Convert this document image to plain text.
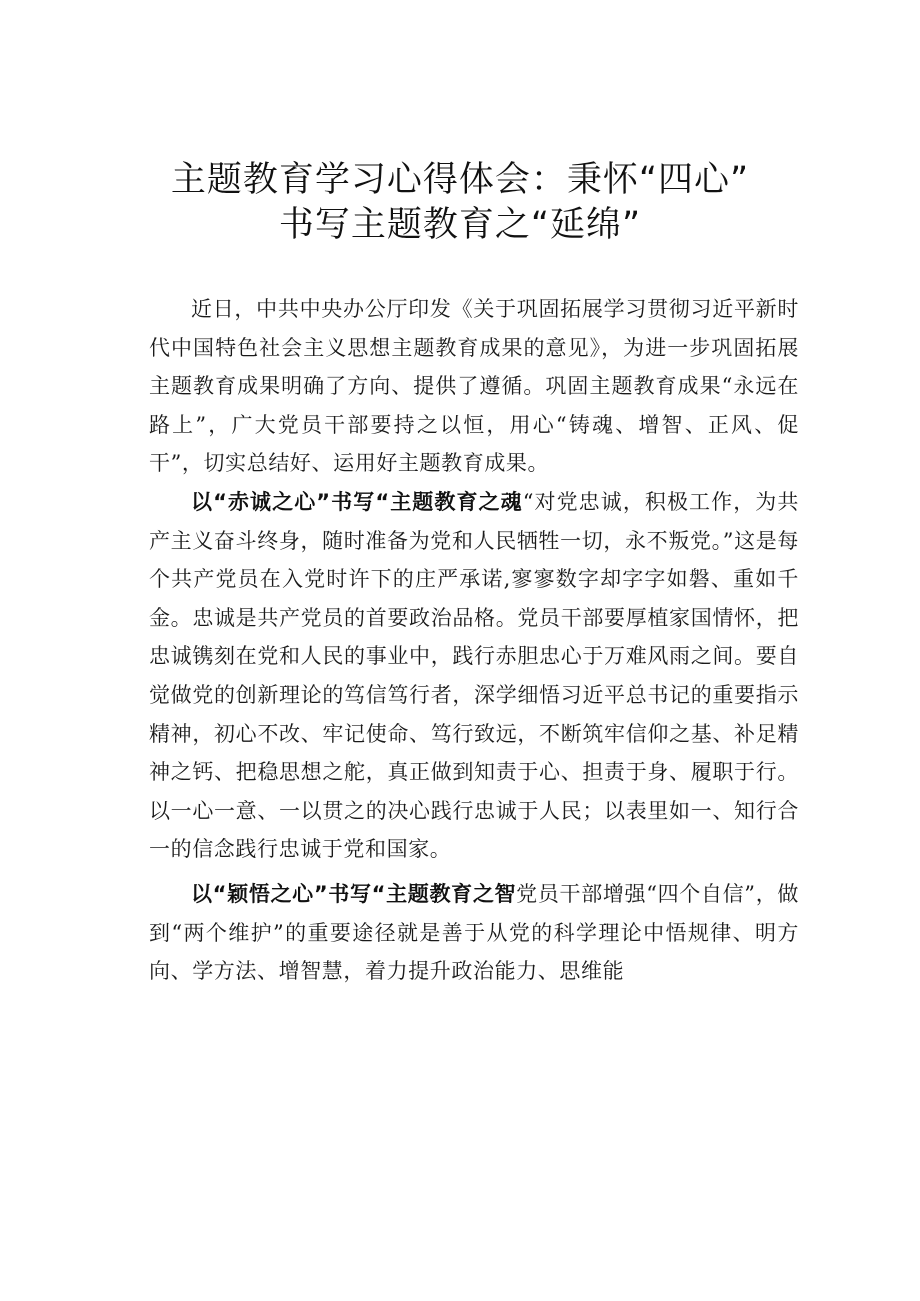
主题教育学习心得体会：秉怀“四心”
书写主题教育之“延绵”

近日，中共中央办公厅印发《关于巩固拓展学习贯彻习近平新时代中国特色社会主义思想主题教育成果的意见》，为进一步巩固拓展主题教育成果明确了方向、提供了遵循。巩固主题教育成果“永远在路上”，广大党员干部要持之以恒，用心“铸魂、增智、正风、促干”，切实总结好、运用好主题教育成果。

以“赤诚之心”书写“主题教育之魂“对党忠诚，积极工作，为共产主义奋斗终身，随时准备为党和人民牺牲一切，永不叛党。”这是每个共产党员在入党时许下的庄严承诺,寥寥数字却字字如磐、重如千金。忠诚是共产党员的首要政治品格。党员干部要厚植家国情怀，把忠诚镌刻在党和人民的事业中，践行赤胆忠心于万难风雨之间。要自觉做党的创新理论的笃信笃行者，深学细悟习近平总书记的重要指示精神，初心不改、牢记使命、笃行致远，不断筑牢信仰之基、补足精神之钙、把稳思想之舵，真正做到知责于心、担责于身、履职于行。以一心一意、一以贯之的决心践行忠诚于人民；以表里如一、知行合一的信念践行忠诚于党和国家。

以“颖悟之心”书写“主题教育之智党员干部增强“四个自信”，做到“两个维护”的重要途径就是善于从党的科学理论中悟规律、明方向、学方法、增智慧，着力提升政治能力、思维能
